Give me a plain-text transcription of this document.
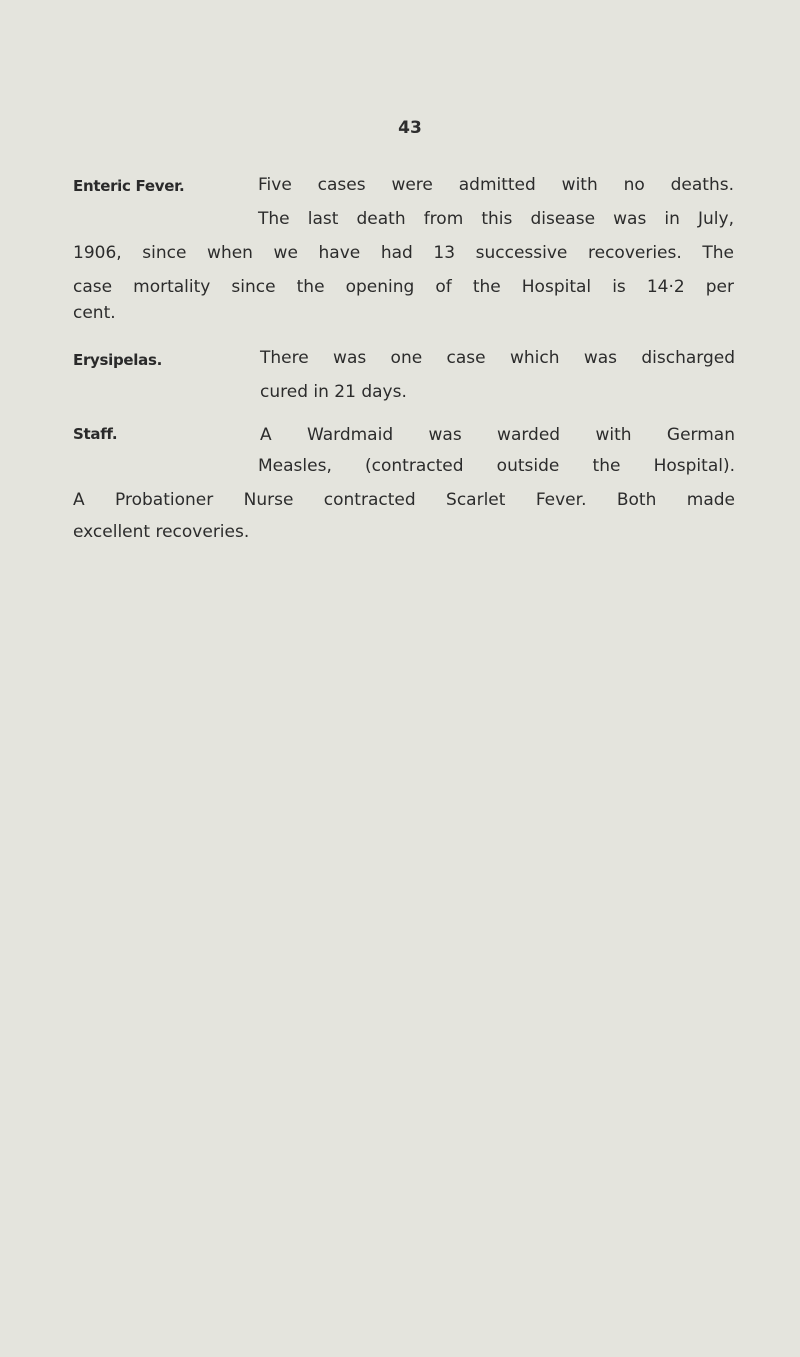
43
Enteric Fever.	Five cases were admitted with no deaths.
The last death from this disease was in July,
1906, since when we have had 13 successive recoveries. The
case mortality since the opening of the Hospital is 14·2 per
cent.
Erysipelas.	There was one case which was discharged
cured in 21 days.
Staff.	A Wardmaid was warded with German
Measles, (contracted outside the Hospital).
A Probationer Nurse contracted Scarlet Fever. Both made
excellent recoveries.
